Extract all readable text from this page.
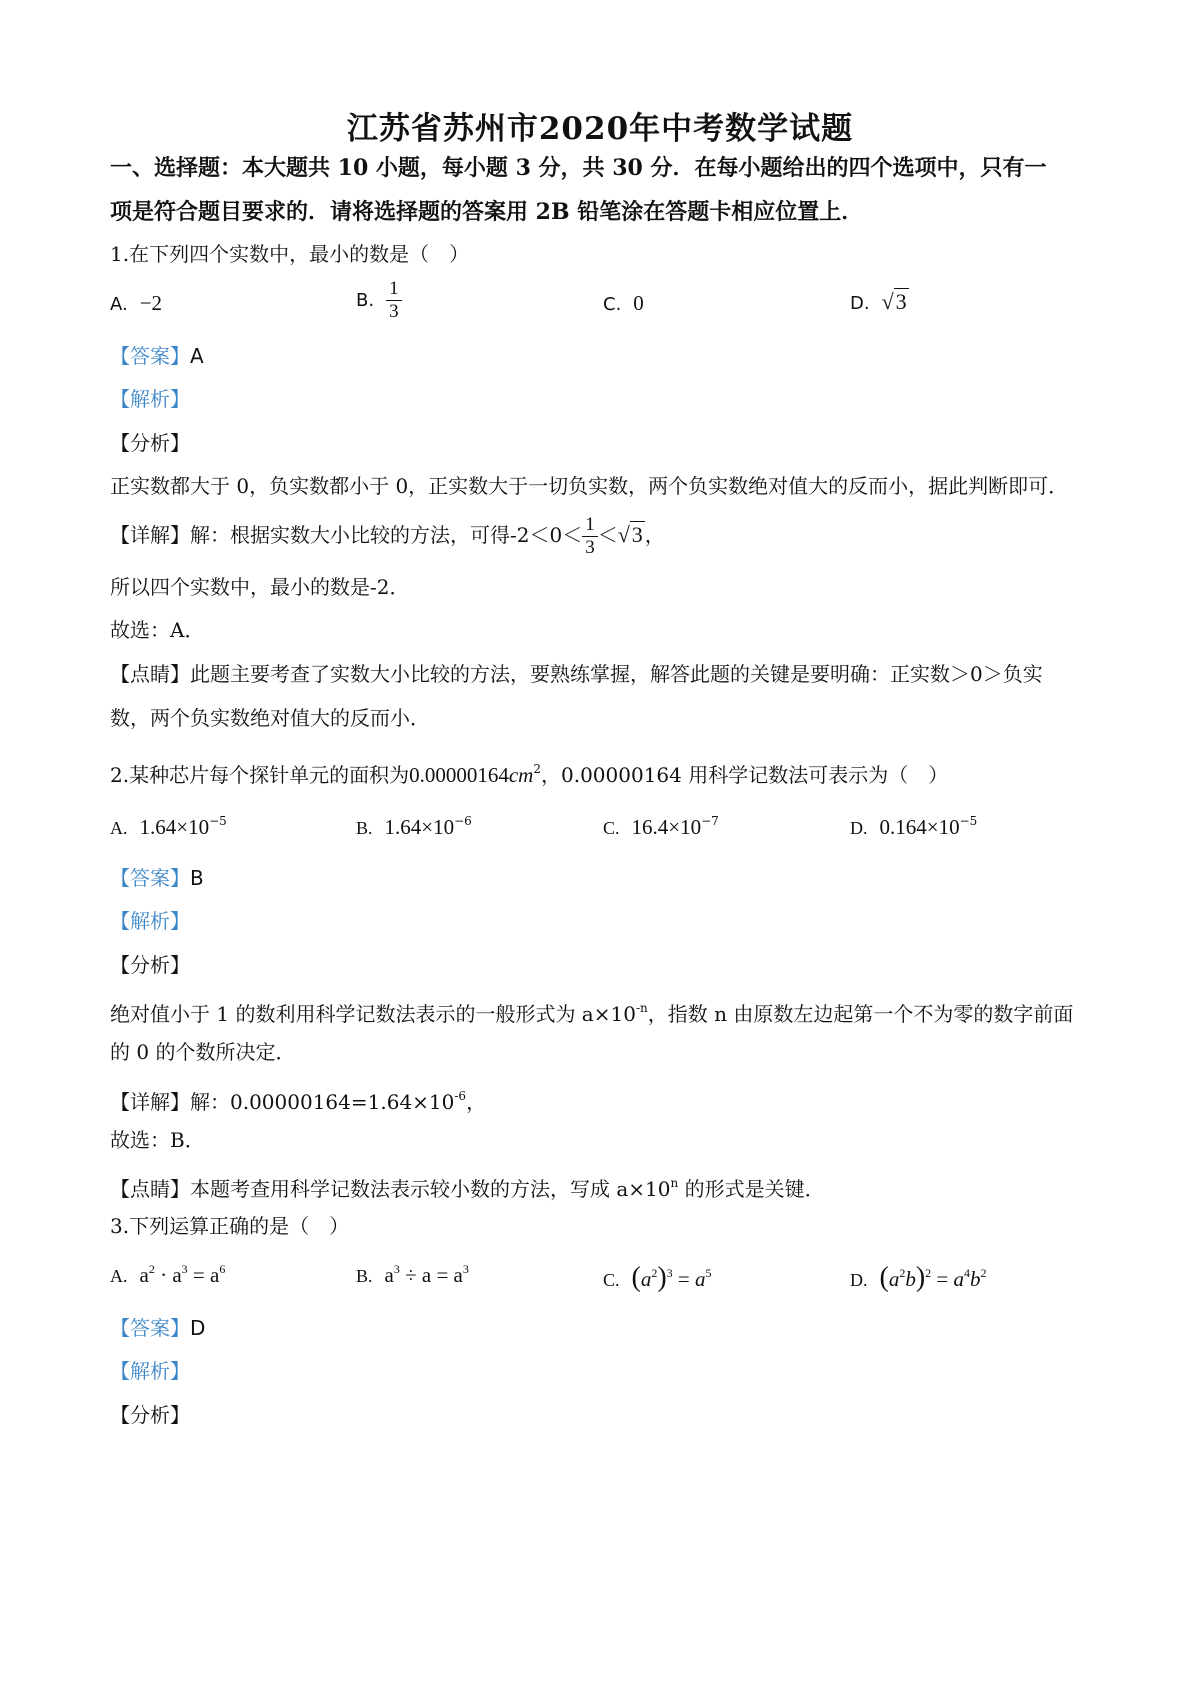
江苏省苏州市2020年中考数学试题
一、选择题：本大题共 10 小题，每小题 3 分，共 30 分．在每小题给出的四个选项中，只有一
项是符合题目要求的．请将选择题的答案用 2B 铅笔涂在答题卡相应位置上．
1.在下列四个实数中，最小的数是（　）
A. −2	B. $\frac{1}{3}$	C. 0	D. √3
【答案】A
【解析】
【分析】
正实数都大于 0，负实数都小于 0，正实数大于一切负实数，两个负实数绝对值大的反而小，据此判断即可．
【详解】解：根据实数大小比较的方法，可得$-2<0< \frac{1}{3} <√3$ ，
所以四个实数中，最小的数是-2．
故选：A．
【点睛】此题主要考查了实数大小比较的方法，要熟练掌握，解答此题的关键是要明确：正实数＞0＞负实
数，两个负实数绝对值大的反而小．
2.某种芯片每个探针单元的面积为$0.00000164cm^2$，0.00000164 用科学记数法可表示为（　）
A. $1.64\times 10^{-5}$	B. $1.64\times 10^{-6}$	C. $16.4\times 10^{-7}$	D. $0.164\times 10^{-5}$
【答案】B
【解析】
【分析】
绝对值小于 1 的数利用科学记数法表示的一般形式为 $a\times 10^{-n}$，指数 n 由原数左边起第一个不为零的数字前面
的 0 的个数所决定．
【详解】解：$0.00000164=1.64\times 10^{-6}$，
故选：B．
【点睛】本题考查用科学记数法表示较小数的方法，写成 $a\times 10^n$ 的形式是关键．
3.下列运算正确的是（　）
A. $a^2 \cdot a^3 = a^6$	B. $a^3 \div a = a^3$
C. $(a^2)^3 = a^5$	D. $(a^2b)^2 = a^4b^2$
【答案】D
【解析】
【分析】
